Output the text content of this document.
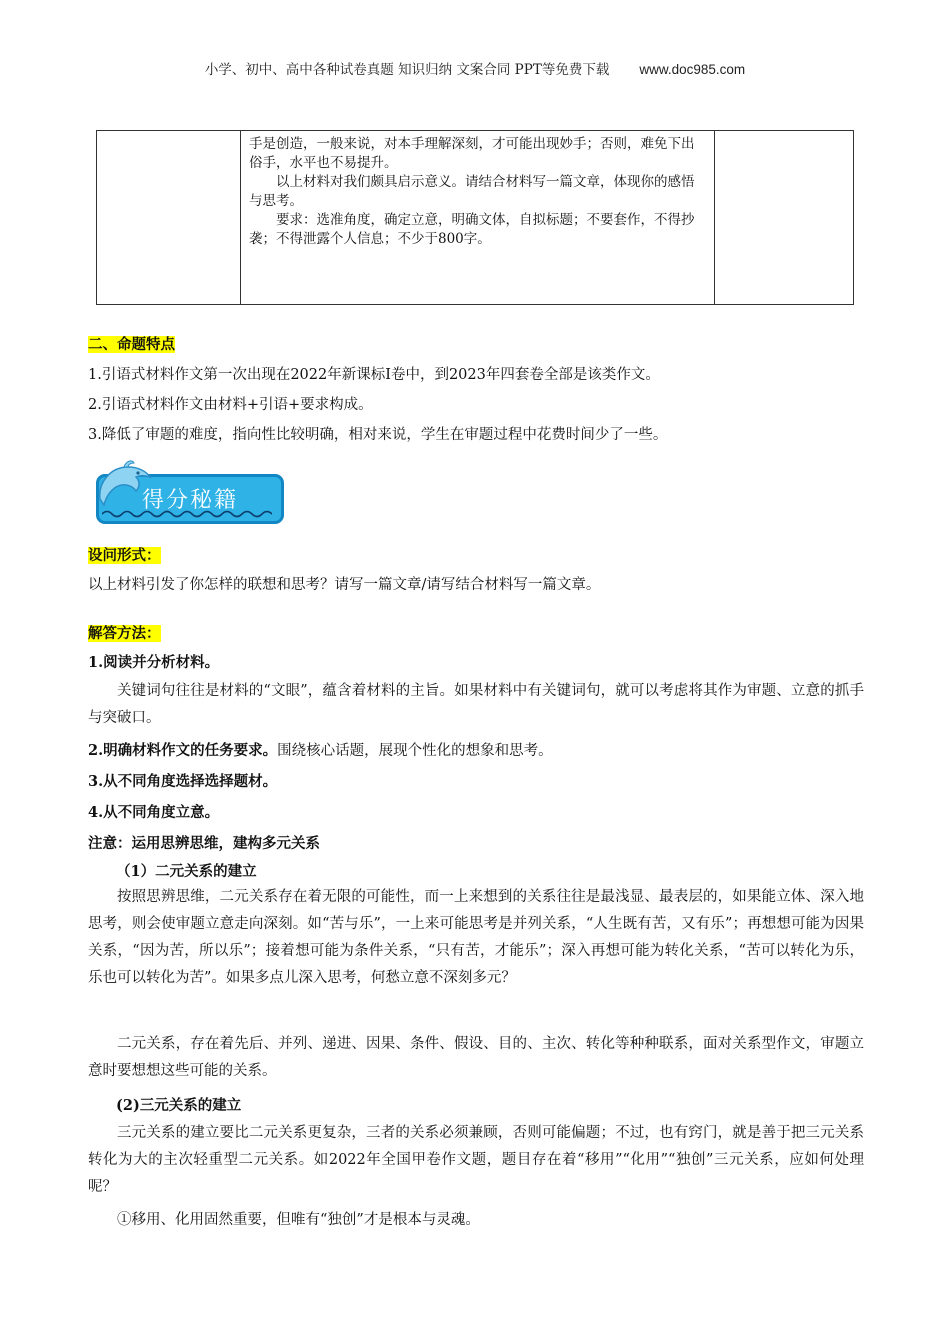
小学、初中、高中各种试卷真题 知识归纳 文案合同 PPT等免费下载 www.doc985.com

手是创造，一般来说，对本手理解深刻，才可能出现妙手；否则，难免下出俗手，水平也不易提升。

以上材料对我们颇具启示意义。请结合材料写一篇文章，体现你的感悟与思考。

要求：选准角度，确定立意，明确文体，自拟标题；不要套作，不得抄袭；不得泄露个人信息；不少于800字。

二、命题特点
1.引语式材料作文第一次出现在2022年新课标I卷中，到2023年四套卷全部是该类作文。
2.引语式材料作文由材料+引语+要求构成。
3.降低了审题的难度，指向性比较明确，相对来说，学生在审题过程中花费时间少了一些。
得分秘籍
设问形式：
以上材料引发了你怎样的联想和思考？请写一篇文章/请写结合材料写一篇文章。
解答方法：
1.阅读并分析材料。

关键词句往往是材料的“文眼”，蕴含着材料的主旨。如果材料中有关键词句，就可以考虑将其作为审题、立意的抓手与突破口。

2.明确材料作文的任务要求。围绕核心话题，展现个性化的想象和思考。
3.从不同角度选择选择题材。
4.从不同角度立意。
注意：运用思辨思维，建构多元关系
（1）二元关系的建立

按照思辨思维，二元关系存在着无限的可能性，而一上来想到的关系往往是最浅显、最表层的，如果能立体、深入地思考，则会使审题立意走向深刻。如“苦与乐”，一上来可能思考是并列关系，“人生既有苦，又有乐”；再想想可能为因果关系，“因为苦，所以乐”；接着想可能为条件关系，“只有苦，才能乐”；深入再想可能为转化关系，“苦可以转化为乐，乐也可以转化为苦”。如果多点儿深入思考，何愁立意不深刻多元？

二元关系，存在着先后、并列、递进、因果、条件、假设、目的、主次、转化等种种联系，面对关系型作文，审题立意时要想想这些可能的关系。

(2)三元关系的建立

三元关系的建立要比二元关系更复杂，三者的关系必须兼顾，否则可能偏题；不过，也有窍门，就是善于把三元关系转化为大的主次轻重型二元关系。如2022年全国甲卷作文题，题目存在着“移用”“化用”“独创”三元关系，应如何处理呢？

①移用、化用固然重要，但唯有“独创”才是根本与灵魂。
